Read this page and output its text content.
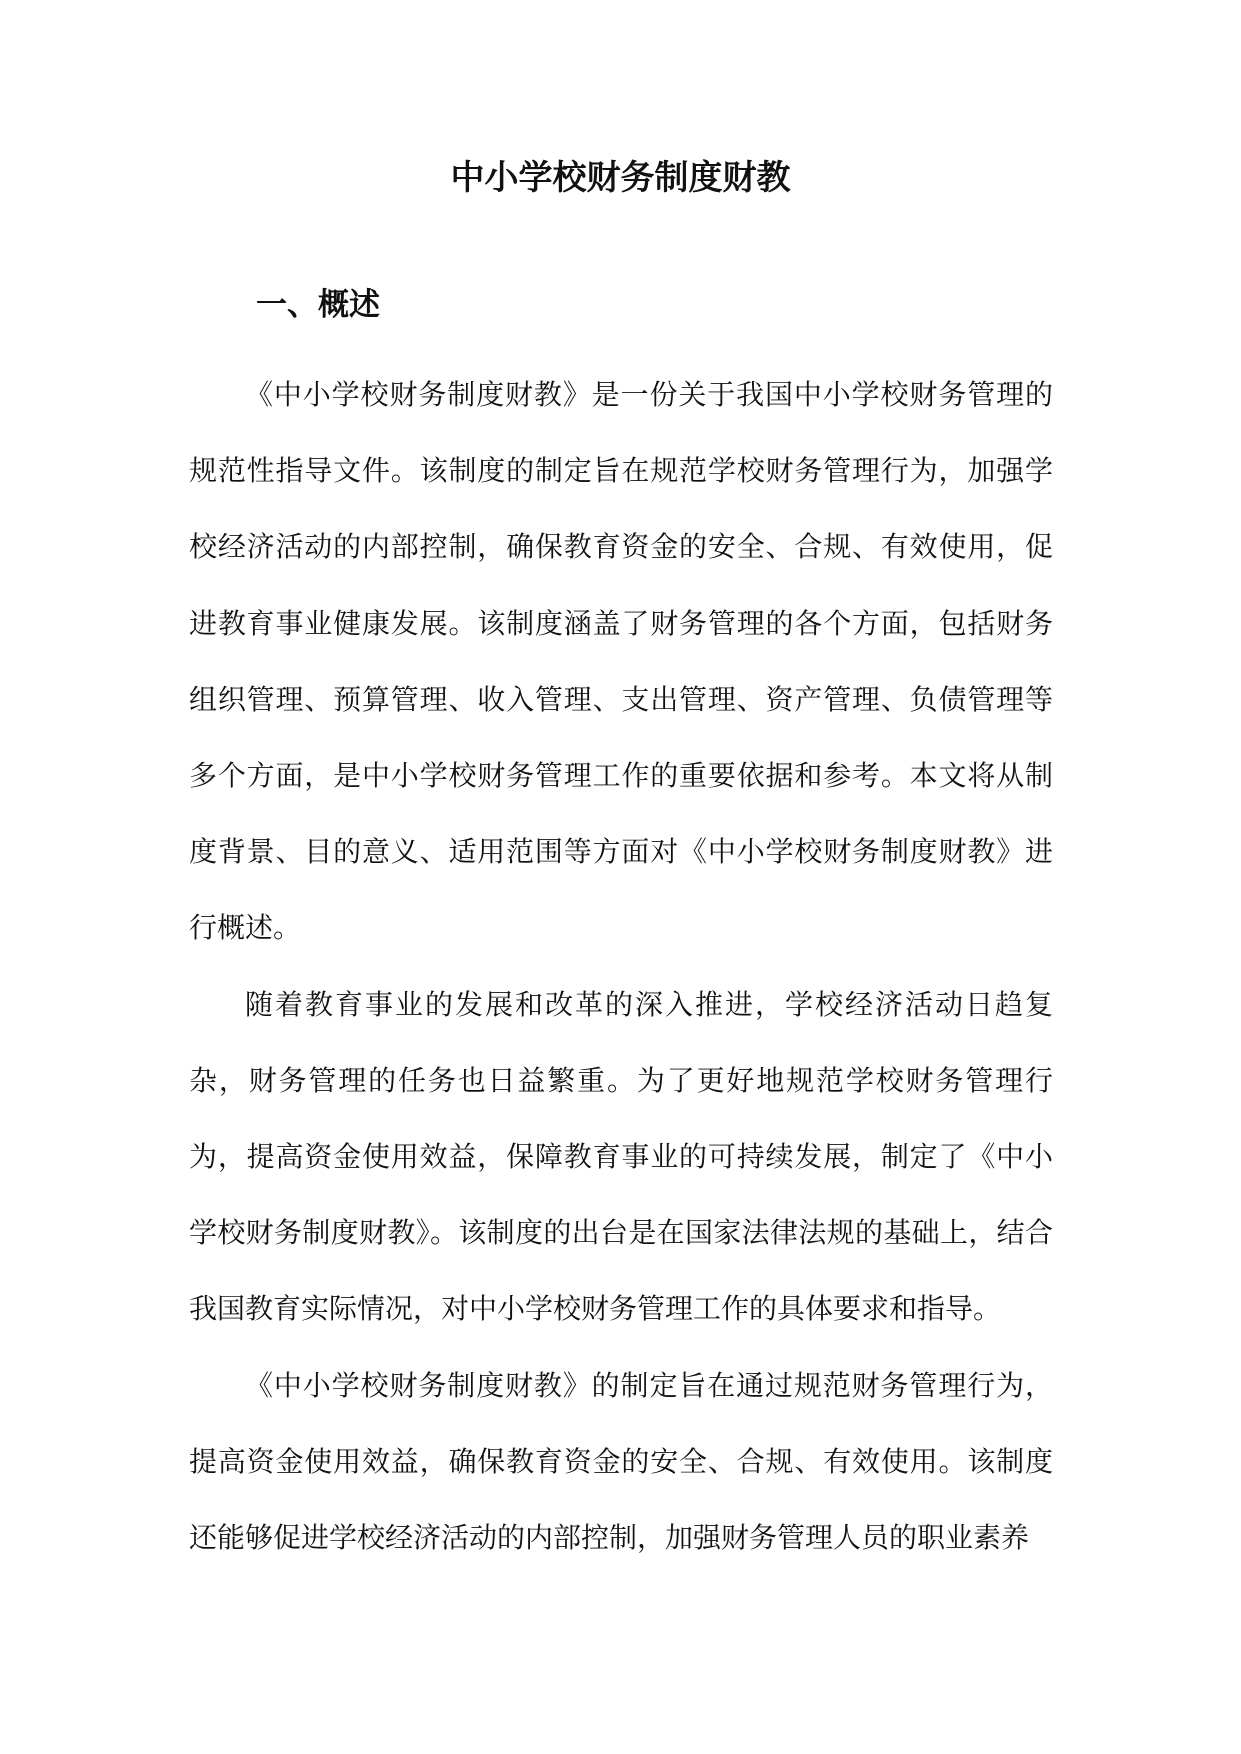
中小学校财务制度财教
一、概述

《中小学校财务制度财教》是一份关于我国中小学校财务管理的规范性指导文件。该制度的制定旨在规范学校财务管理行为，加强学校经济活动的内部控制，确保教育资金的安全、合规、有效使用，促进教育事业健康发展。该制度涵盖了财务管理的各个方面，包括财务组织管理、预算管理、收入管理、支出管理、资产管理、负债管理等多个方面，是中小学校财务管理工作的重要依据和参考。本文将从制度背景、目的意义、适用范围等方面对《中小学校财务制度财教》进行概述。

随着教育事业的发展和改革的深入推进，学校经济活动日趋复杂，财务管理的任务也日益繁重。为了更好地规范学校财务管理行为，提高资金使用效益，保障教育事业的可持续发展，制定了《中小学校财务制度财教》。该制度的出台是在国家法律法规的基础上，结合我国教育实际情况，对中小学校财务管理工作的具体要求和指导。

《中小学校财务制度财教》的制定旨在通过规范财务管理行为，提高资金使用效益，确保教育资金的安全、合规、有效使用。该制度还能够促进学校经济活动的内部控制，加强财务管理人员的职业素养
